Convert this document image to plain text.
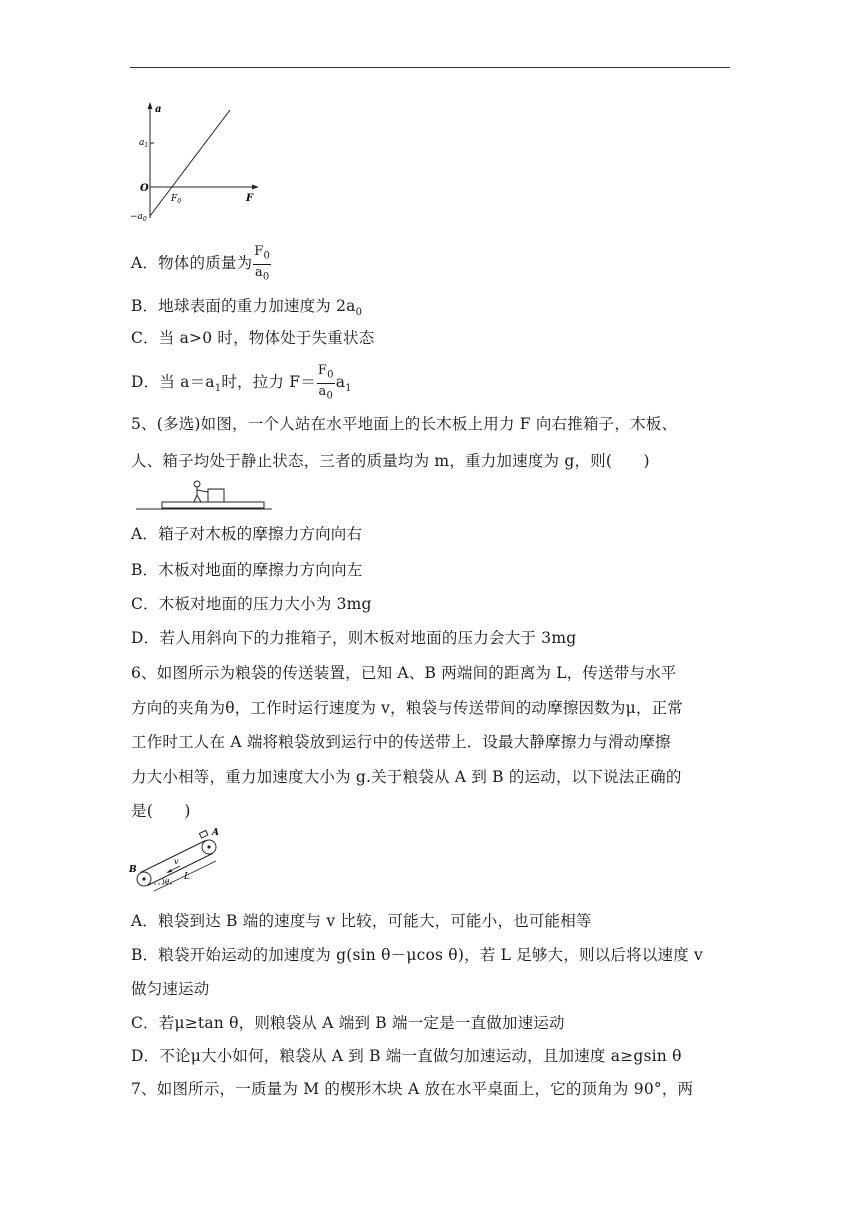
a
F
O
$a_1$
$-a_0$
$F_0$
A．物体的质量为 $\frac{F_0}{a_0}$
B．地球表面的重力加速度为 $2a_0$
C．当 a>0 时，物体处于失重状态
D．当 $a=a_1$时，拉力 $F= \frac{F_0}{a_0} a_1$
5、(多选)如图，一个人站在水平地面上的长木板上用力 F 向右推箱子，木板、
人、箱子均处于静止状态，三者的质量均为 m，重力加速度为 g，则(　　)
A．箱子对木板的摩擦力方向向右
B．木板对地面的摩擦力方向向左
C．木板对地面的压力大小为 3mg
D．若人用斜向下的力推箱子，则木板对地面的压力会大于 3mg
6、如图所示为粮袋的传送装置，已知 A、B 两端间的距离为 L，传送带与水平
方向的夹角为θ，工作时运行速度为 v，粮袋与传送带间的动摩擦因数为μ，正常
工作时工人在 A 端将粮袋放到运行中的传送带上．设最大静摩擦力与滑动摩擦
力大小相等，重力加速度大小为 g.关于粮袋从 A 到 B 的运动，以下说法正确的
是(　　)
A
B
v
L
θ
A．粮袋到达 B 端的速度与 v 比较，可能大，可能小，也可能相等
B．粮袋开始运动的加速度为 g(sin θ－μcos θ)，若 L 足够大，则以后将以速度 v
做匀速运动
C．若μ≥tan θ，则粮袋从 A 端到 B 端一定是一直做加速运动
D．不论μ大小如何，粮袋从 A 到 B 端一直做匀加速运动，且加速度 a≥gsin θ
7、如图所示，一质量为 M 的楔形木块 A 放在水平桌面上，它的顶角为 90°，两
